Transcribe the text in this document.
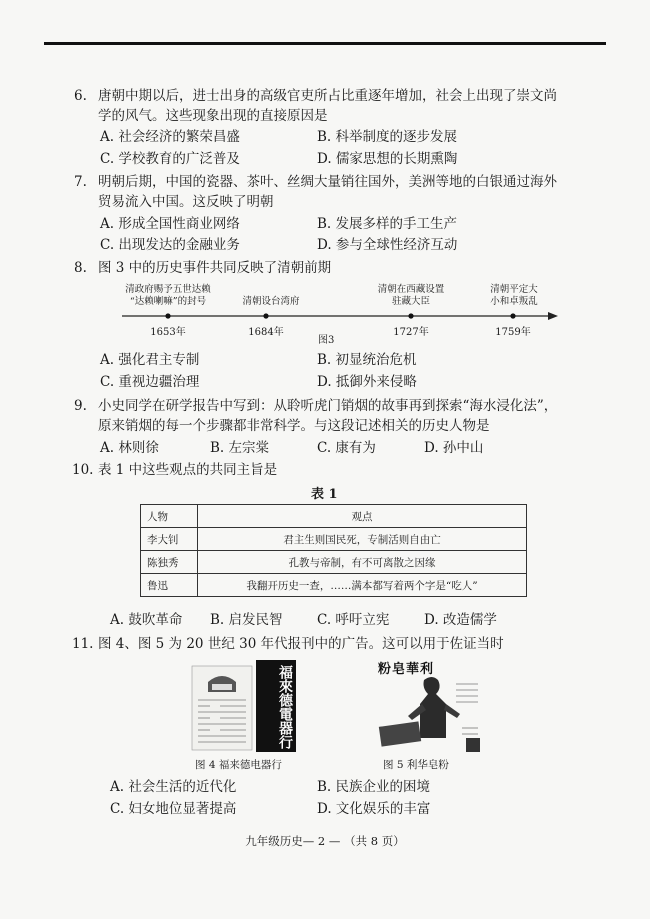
6. 唐朝中期以后，进士出身的高级官吏所占比重逐年增加，社会上出现了崇文尚
学的风气。这些现象出现的直接原因是
A. 社会经济的繁荣昌盛	B. 科举制度的逐步发展
C. 学校教育的广泛普及	D. 儒家思想的长期熏陶
7. 明朝后期，中国的瓷器、茶叶、丝绸大量销往国外，美洲等地的白银通过海外
贸易流入中国。这反映了明朝
A. 形成全国性商业网络	B. 发展多样的手工生产
C. 出现发达的金融业务	D. 参与全球性经济互动
8. 图 3 中的历史事件共同反映了清朝前期
清政府赐予五世达赖
“达赖喇嘛”的封号	清朝设台湾府
清朝在西藏设置
驻藏大臣
清朝平定大
小和卓叛乱
1653年	1684年	1727年	1759年
图3
A. 强化君主专制	B. 初显统治危机
C. 重视边疆治理	D. 抵御外来侵略
9. 小史同学在研学报告中写到：从聆听虎门销烟的故事再到探索“海水浸化法”，
原来销烟的每一个步骤都非常科学。与这段记述相关的历史人物是
A. 林则徐	B. 左宗棠	C. 康有为	D. 孙中山
10. 表 1 中这些观点的共同主旨是
表 1
人物	观点
李大钊	君主生则国民死，专制活则自由亡
陈独秀	孔教与帝制，有不可离散之因缘
鲁迅	我翻开历史一查，……满本都写着两个字是“吃人”
A. 鼓吹革命 B. 启发民智	C. 呼吁立宪	D. 改造儒学
11. 图 4、图 5 为 20 世纪 30 年代报刊中的广告。这可以用于佐证当时
福來德電器行
图 4 福来德电器行
粉皂華利
图 5 利华皂粉
A. 社会生活的近代化	B. 民族企业的困境
C. 妇女地位显著提高	D. 文化娱乐的丰富
九年级历史— 2 — （共 8 页）
